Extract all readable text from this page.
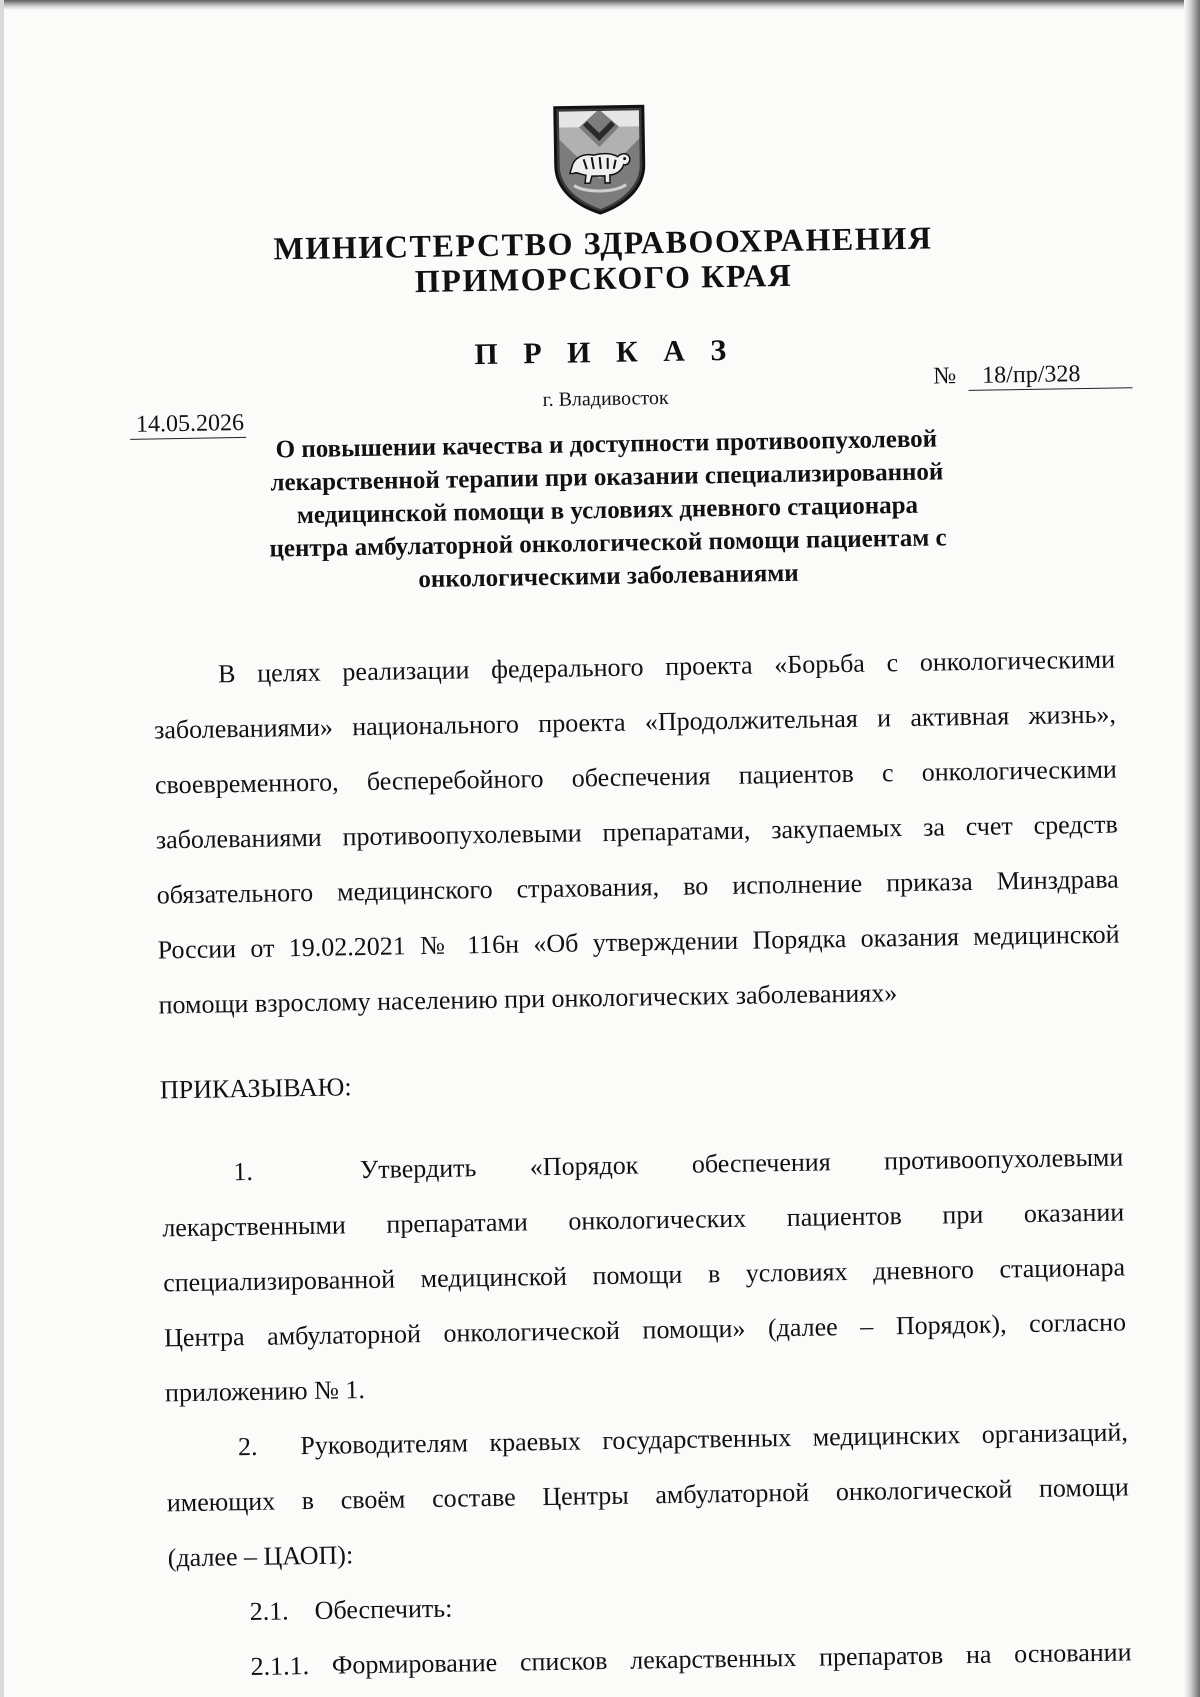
МИНИСТЕРСТВО ЗДРАВООХРАНЕНИЯ
ПРИМОРСКОГО КРАЯ
П Р И К А З
14.05.2026
г. Владивосток
№ 18/пр/328
О повышении качества и доступности противоопухолевой
лекарственной терапии при оказании специализированной
медицинской помощи в условиях дневного стационара
центра амбулаторной онкологической помощи пациентам с
онкологическими заболеваниями
В целях реализации федерального проекта «Борьба с онкологическими
заболеваниями» национального проекта «Продолжительная и активная жизнь»,
своевременного, бесперебойного обеспечения пациентов с онкологическими
заболеваниями противоопухолевыми препаратами, закупаемых за счет средств
обязательного медицинского страхования, во исполнение приказа Минздрава
России от 19.02.2021 № 116н «Об утверждении Порядка оказания медицинской
помощи взрослому населению при онкологических заболеваниях»
ПРИКАЗЫВАЮ:
1.	Утвердить «Порядок обеспечения противоопухолевыми
лекарственными препаратами онкологических пациентов при оказании
специализированной медицинской помощи в условиях дневного стационара
Центра амбулаторной онкологической помощи» (далее – Порядок), согласно
приложению № 1.
2. Руководителям краевых государственных медицинских организаций,
имеющих в своём составе Центры амбулаторной онкологической помощи
(далее – ЦАОП):
2.1. Обеспечить:
2.1.1. Формирование списков лекарственных препаратов на основании
